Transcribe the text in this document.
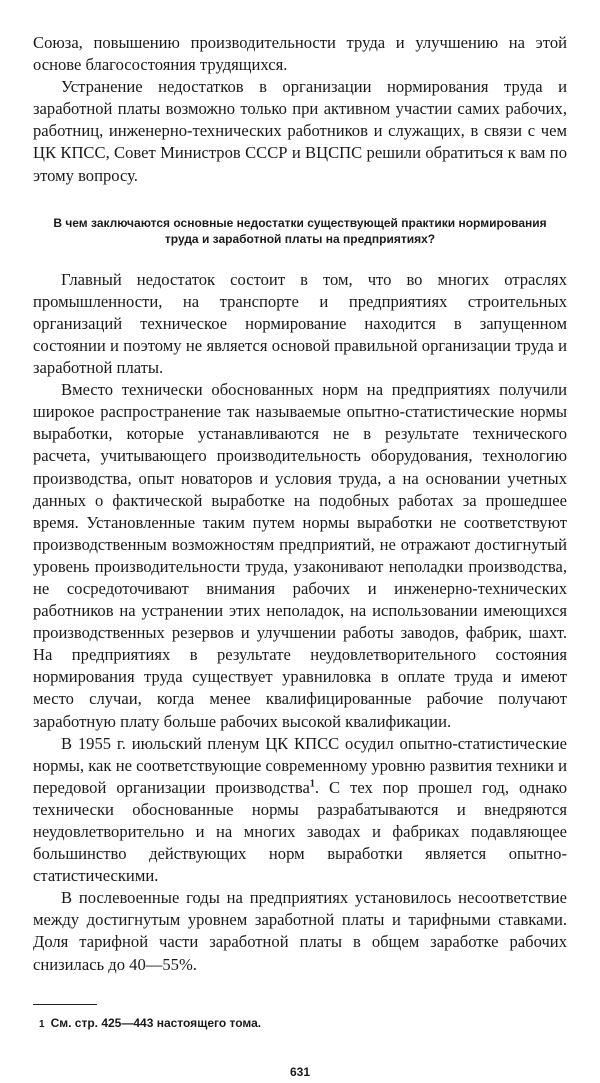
Союза, повышению производительности труда и улучшению на этой основе благосостояния трудящихся.

Устранение недостатков в организации нормирования труда и заработной платы возможно только при активном участии самих рабочих, работниц, инженерно-технических работников и служащих, в связи с чем ЦК КПСС, Совет Министров СССР и ВЦСПС решили обратиться к вам по этому вопросу.

В чем заключаются основные недостатки существующей практики нормирования труда и заработной платы на предприятиях?

Главный недостаток состоит в том, что во многих отраслях промышленности, на транспорте и предприятиях строительных организаций техническое нормирование находится в запущенном состоянии и поэтому не является основой правильной организации труда и заработной платы.

Вместо технически обоснованных норм на предприятиях получили широкое распространение так называемые опытно-статистические нормы выработки, которые устанавливаются не в результате технического расчета, учитывающего производительность оборудования, технологию производства, опыт новаторов и условия труда, а на основании учетных данных о фактической выработке на подобных работах за прошедшее время. Установленные таким путем нормы выработки не соответствуют производственным возможностям предприятий, не отражают достигнутый уровень производительности труда, узаконивают неполадки производства, не сосредоточивают внимания рабочих и инженерно-технических работников на устранении этих неполадок, на использовании имеющихся производственных резервов и улучшении работы заводов, фабрик, шахт. На предприятиях в результате неудовлетворительного состояния нормирования труда существует уравниловка в оплате труда и имеют место случаи, когда менее квалифицированные рабочие получают заработную плату больше рабочих высокой квалификации.

В 1955 г. июльский пленум ЦК КПСС осудил опытно-статистические нормы, как не соответствующие современному уровню развития техники и передовой организации производства$^1$. С тех пор прошел год, однако технически обоснованные нормы разрабатываются и внедряются неудовлетворительно и на многих заводах и фабриках подавляющее большинство действующих норм выработки является опытно-статистическими.

В послевоенные годы на предприятиях установилось несоответствие между достигнутым уровнем заработной платы и тарифными ставками. Доля тарифной части заработной платы в общем заработке рабочих снизилась до 40—55%.

1 См. стр. 425—443 настоящего тома.

631
